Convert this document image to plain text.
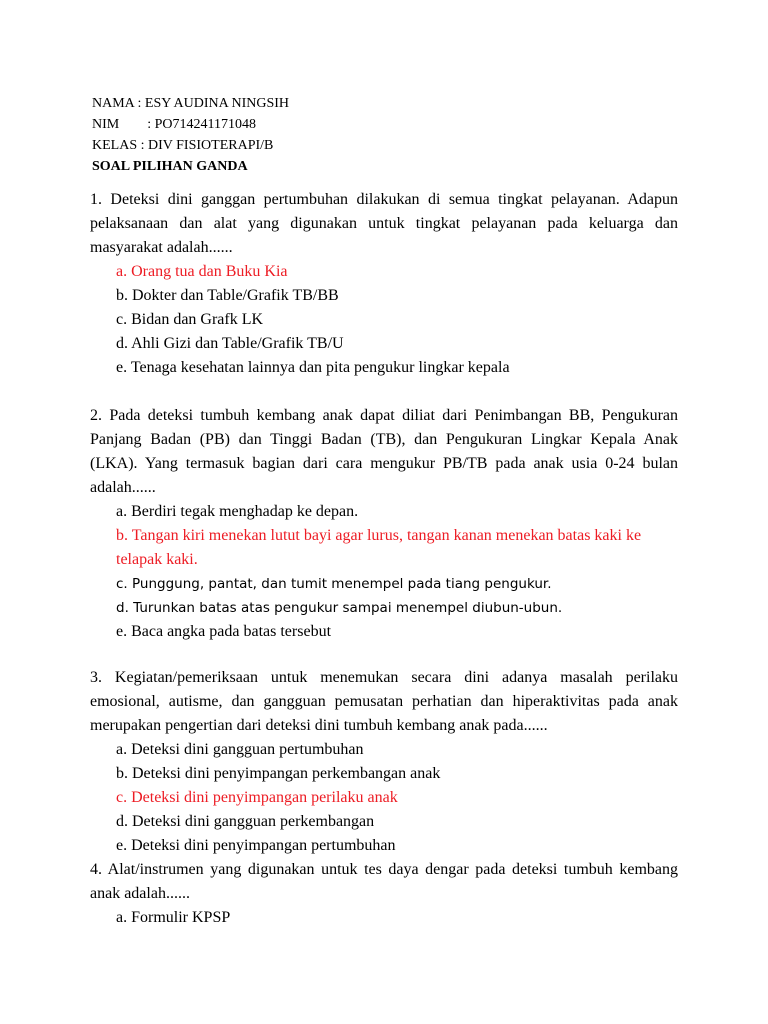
NAMA : ESY AUDINA NINGSIH
NIM        : PO714241171048
KELAS : DIV FISIOTERAPI/B
SOAL PILIHAN GANDA
1. Deteksi dini ganggan pertumbuhan dilakukan di semua tingkat pelayanan. Adapun pelaksanaan dan alat yang digunakan untuk tingkat pelayanan pada keluarga dan masyarakat adalah......
a. Orang tua dan Buku Kia
b. Dokter dan Table/Grafik TB/BB
c. Bidan dan Grafk LK
d. Ahli Gizi dan Table/Grafik TB/U
e. Tenaga kesehatan lainnya dan pita pengukur lingkar kepala
2. Pada deteksi tumbuh kembang anak dapat diliat dari Penimbangan BB, Pengukuran Panjang Badan (PB) dan Tinggi Badan (TB), dan Pengukuran Lingkar Kepala Anak (LKA). Yang termasuk bagian dari cara mengukur PB/TB pada anak usia 0-24 bulan adalah......
a. Berdiri tegak menghadap ke depan.
b. Tangan kiri menekan lutut bayi agar lurus, tangan kanan menekan batas kaki ke telapak kaki.
c. Punggung, pantat, dan tumit menempel pada tiang pengukur.
d. Turunkan batas atas pengukur sampai menempel diubun-ubun.
e. Baca angka pada batas tersebut
3. Kegiatan/pemeriksaan untuk menemukan secara dini adanya masalah perilaku emosional, autisme, dan gangguan pemusatan perhatian dan hiperaktivitas pada anak merupakan pengertian dari deteksi dini tumbuh kembang anak pada......
a. Deteksi dini gangguan pertumbuhan
b. Deteksi dini penyimpangan perkembangan anak
c. Deteksi dini penyimpangan perilaku anak
d. Deteksi dini gangguan perkembangan
e. Deteksi dini penyimpangan pertumbuhan
4. Alat/instrumen yang digunakan untuk tes daya dengar pada deteksi tumbuh kembang anak adalah......
a. Formulir KPSP
